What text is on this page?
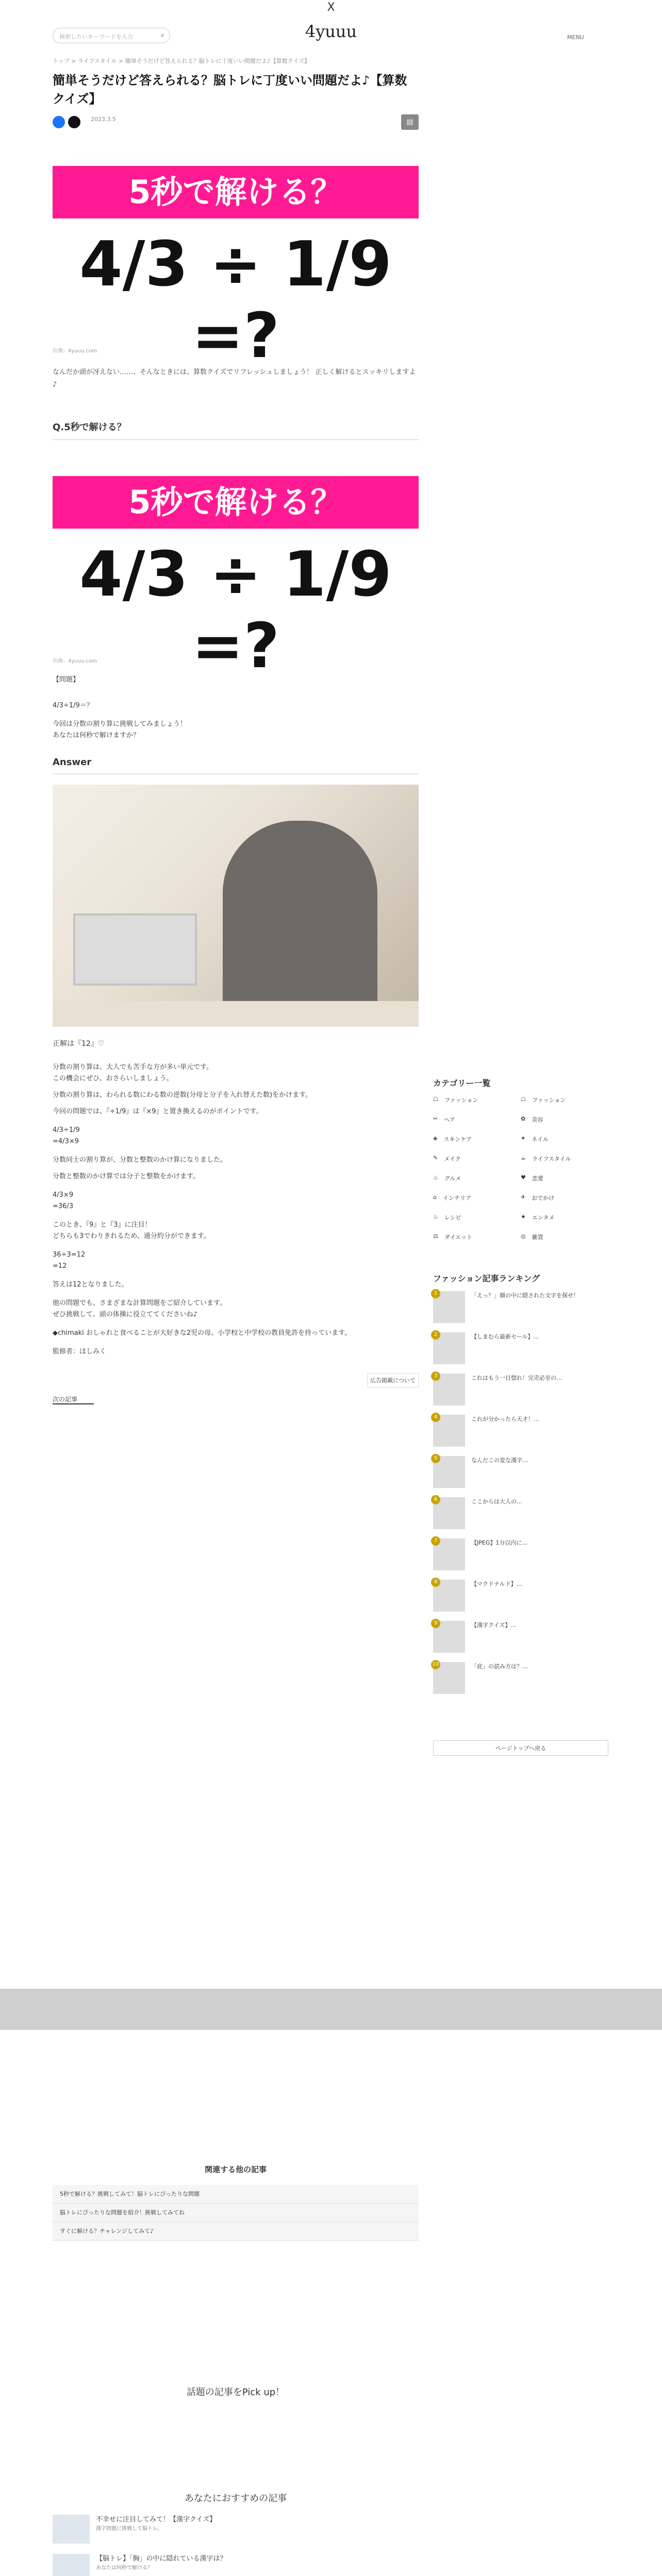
X
検索したいキーワードを入力	⌕	4yuuu	MENU
トップ > ライフスタイル > 簡単そうだけど答えられる？脳トレに丁度いい問題だよ♪【算数クイズ】
簡単そうだけど答えられる？脳トレに丁度いい問題だよ♪【算数クイズ】
2023.3.5	▤
5秒で解ける？
4/3 ÷ 1/9 =?
出典：4yuuu.com
なんだか頭が冴えない……、そんなときには、算数クイズでリフレッシュしましょう！ 正しく解けるとスッキリしますよ♪
Q.5秒で解ける？
5秒で解ける？
4/3 ÷ 1/9 =?
出典：4yuuu.com

【問題】

4/3÷1/9＝？

今回は分数の割り算に挑戦してみましょう！
あなたは何秒で解けますか？

Answer

正解は『12』♡

分数の割り算は、大人でも苦手な方が多い単元です。

この機会にぜひ、おさらいしましょう。

分数の割り算は、わられる数にわる数の逆数(分母と分子を入れ替えた数)をかけます。

今回の問題では、『÷1/9』は『×9』と置き換えるのがポイントです。

4/3÷1/9

=4/3×9

分数同士の割り算が、分数と整数のかけ算になりました。

分数と整数のかけ算では分子と整数をかけます。

4/3×9

=36/3

このとき、『9』と『3』に注目！

どちらも3でわりきれるため、通分約分ができます。

36÷3=12

=12

答えは12となりました。

他の問題でも、さまざまな計算問題をご紹介しています。

ぜひ挑戦して、頭の体操に役立ててくださいね♪

◆chimaki おしゃれと食べることが大好きな2児の母。小学校と中学校の教員免許を持っています。

監修者：ほしみく

広告掲載について
次の記事
カテゴリー一覧
☖ ファッション	☖ ファッション
✂ ヘア	✿ 美容
◈ スキンケア	✦ ネイル
✎ メイク	☕ ライフスタイル
♨ グルメ	♥ 恋愛
⌂ インテリア	✈ おでかけ
♨ レシピ	★ エンタメ
⚖ ダイエット	◎ 雑貨
ファッション記事ランキング
1	「えっ？」顔の中に隠された文字を探せ！
2	【しまむら最新セール】…
3	これはもう一目惚れ！完売必至の…
4	これが分かったら天才！…
5	なんだこの変な漢字…
6	ここからは大人の…
7	【JPEG】1分以内に…
8	【マクドナルド】…
9	【漢字クイズ】…
10	「庇」の読み方は？…
ページトップへ戻る
関連する他の記事
5秒で解ける？挑戦してみて！脳トレにぴったりな問題
脳トレにぴったりな問題を紹介！挑戦してみてね
すぐに解ける？チャレンジしてみて♪
話題の記事をPick up！
あなたにおすすめの記事
不幸せに注目してみて！【漢字クイズ】
漢字問題に挑戦して脳トレ。
【脳トレ】「胸」の中に隠れている漢字は？
あなたは何秒で解ける？
